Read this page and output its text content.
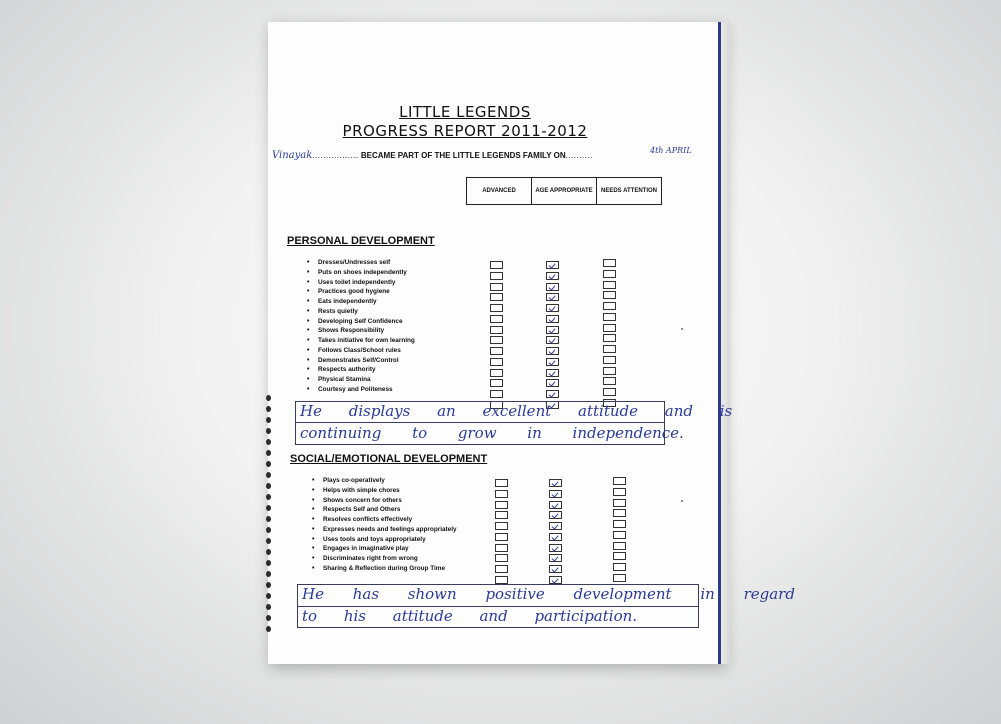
LITTLE LEGENDS
PROGRESS REPORT 2011-2012
Vinayak................. BECAME PART OF THE LITTLE LEGENDS FAMILY ON..........
4th APRIL
ADVANCED	AGE APPROPRIATE	NEEDS ATTENTION
PERSONAL DEVELOPMENT
• Dresses/Undresses self
• Puts on shoes independently
• Uses toilet independently
• Practices good hygiene
• Eats independently
• Rests quietly
• Developing Self Confidence
• Shows Responsibility
• Takes initiative for own learning
• Follows Class/School rules
• Demonstrates Self/Control
• Respects authority
• Physical Stamina
• Courtesy and Politeness
He displays an excellent attitude and is
continuing to grow in independence.
SOCIAL/EMOTIONAL DEVELOPMENT
• Plays co-operatively
• Helps with simple chores
• Shows concern for others
• Respects Self and Others
• Resolves conflicts effectively
• Expresses needs and feelings appropriately
• Uses tools and toys appropriately
• Engages in imaginative play
• Discriminates right from wrong
• Sharing & Reflection during Group Time
He has shown positive development in regard
to his attitude and participation.
